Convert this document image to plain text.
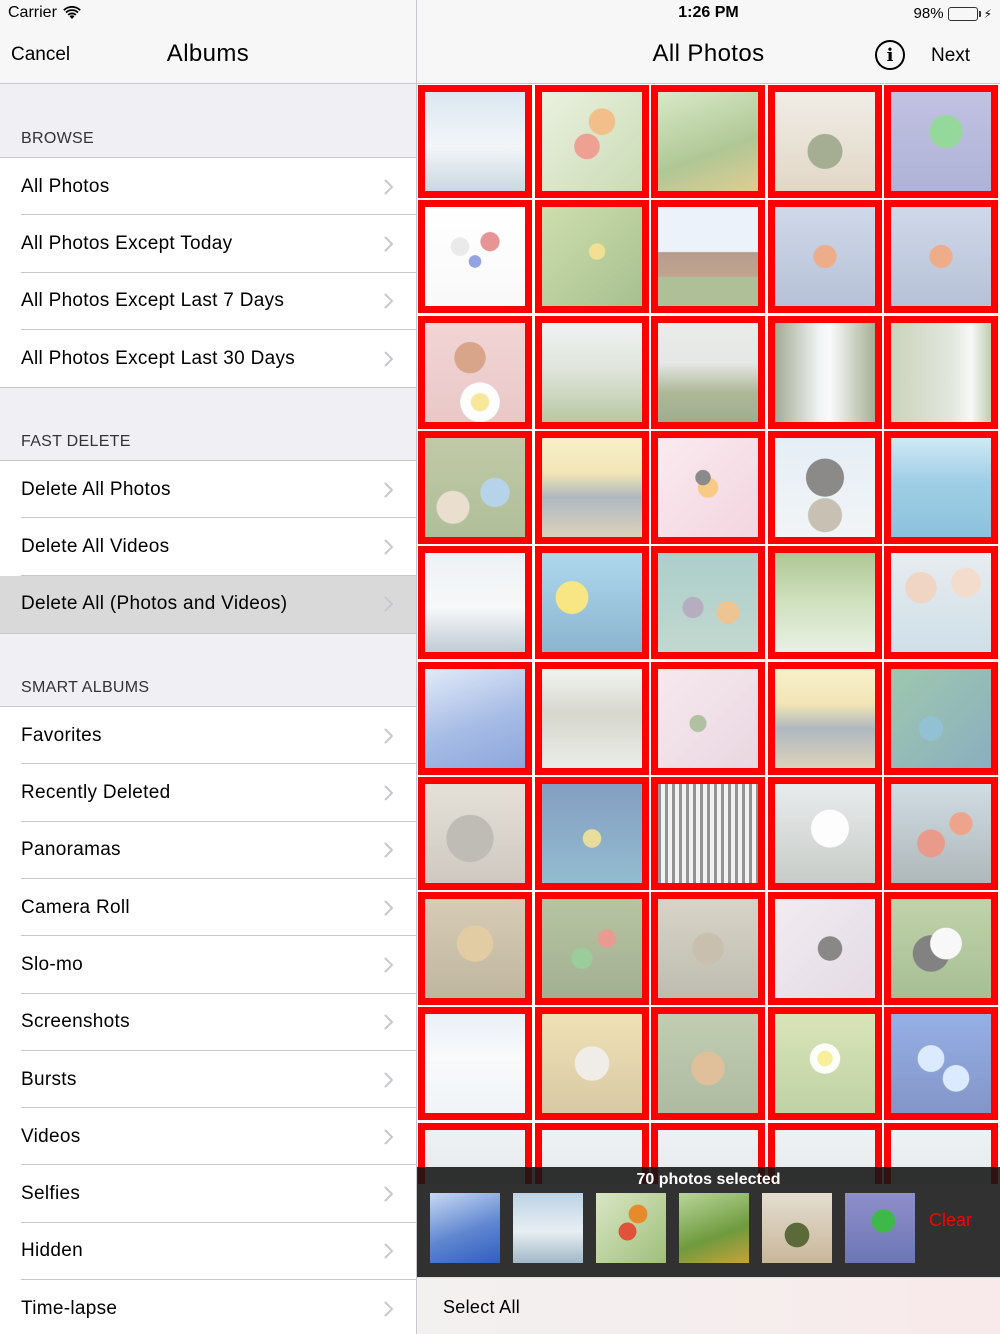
Carrier
Cancel	Albums
BROWSE
All Photos
All Photos Except Today
All Photos Except Last 7 Days
All Photos Except Last 30 Days
FAST DELETE
Delete All Photos
Delete All Videos
Delete All (Photos and Videos)
SMART ALBUMS
Favorites
Recently Deleted
Panoramas
Camera Roll
Slo-mo
Screenshots
Bursts
Videos
Selfies
Hidden
Time-lapse
1:26 PM	98%	⚡
All Photos	i Next
70 photos selected
Clear
Select All
